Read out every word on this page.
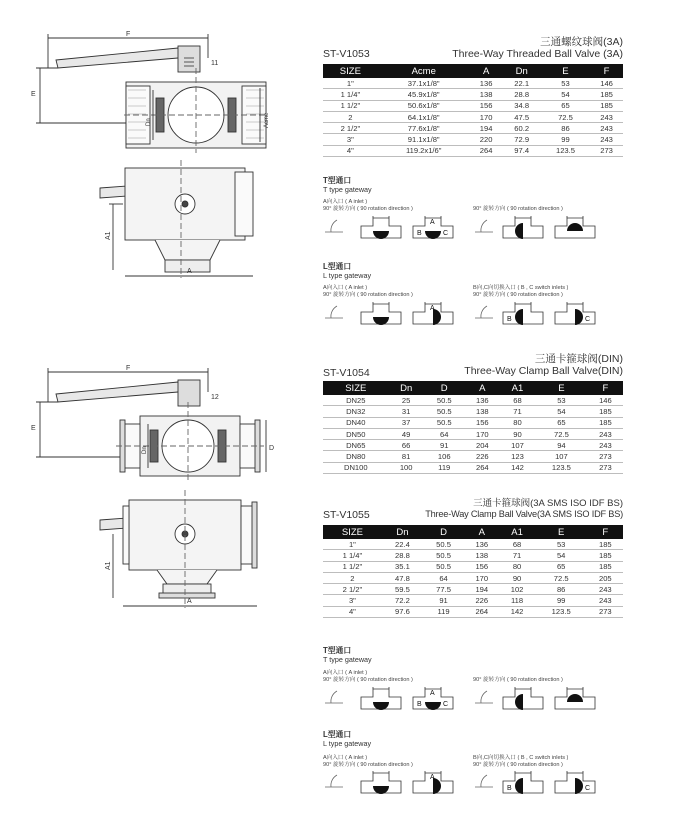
F
E
11
Dn	Acme
A1
A
F
E
12
Dn	D
A1
A
三通螺纹球阀(3A)
ST-V1053	Three-Way Threaded Ball Valve (3A)
SIZE	Acme	A	Dn	E	F
1"	37.1x1/8"	136	22.1	53	146
1 1/4"	45.9x1/8"	138	28.8	54	185
1 1/2"	50.6x1/8"	156	34.8	65	185
2	64.1x1/8"	170	47.5	72.5	243
2 1/2"	77.6x1/8"	194	60.2	86	243
3"	91.1x1/8"	220	72.9	99	243
4"	119.2x1/6"	264	97.4	123.5	273
T型通口
T type gateway
A向入口 ( A inlet )
90° 旋转方向 ( 90 rotation direction )	90° 旋转方向 ( 90 rotation direction )
A
B	C
L型通口
L type gateway
A向入口 ( A inlet )
90° 旋转方向 ( 90 rotation direction )
B向,C向切换入口 ( B , C switch inlets )
90° 旋转方向 ( 90 rotation direction )
A
B	C
三通卡箍球阀(DIN)
ST-V1054	Three-Way Clamp Ball Valve(DIN)
SIZE	Dn	D	A	A1	E	F
DN25	25	50.5	136	68	53	146
DN32	31	50.5	138	71	54	185
DN40	37	50.5	156	80	65	185
DN50	49	64	170	90	72.5	243
DN65	66	91	204	107	94	243
DN80	81	106	226	123	107	273
DN100	100	119	264	142	123.5	273
三通卡箍球阀(3A SMS ISO IDF BS)
ST-V1055	Three-Way Clamp Ball Valve(3A SMS ISO IDF BS)
SIZE	Dn	D	A	A1	E	F
1"	22.4	50.5	136	68	53	185
1 1/4"	28.8	50.5	138	71	54	185
1 1/2"	35.1	50.5	156	80	65	185
2	47.8	64	170	90	72.5	205
2 1/2"	59.5	77.5	194	102	86	243
3"	72.2	91	226	118	99	243
4"	97.6	119	264	142	123.5	273
T型通口
T type gateway
A向入口 ( A inlet )
90° 旋转方向 ( 90 rotation direction )	90° 旋转方向 ( 90 rotation direction )
A
B	C
L型通口
L type gateway
A向入口 ( A inlet )
90° 旋转方向 ( 90 rotation direction )
B向,C向切换入口 ( B , C switch inlets )
90° 旋转方向 ( 90 rotation direction )
A
B	C
